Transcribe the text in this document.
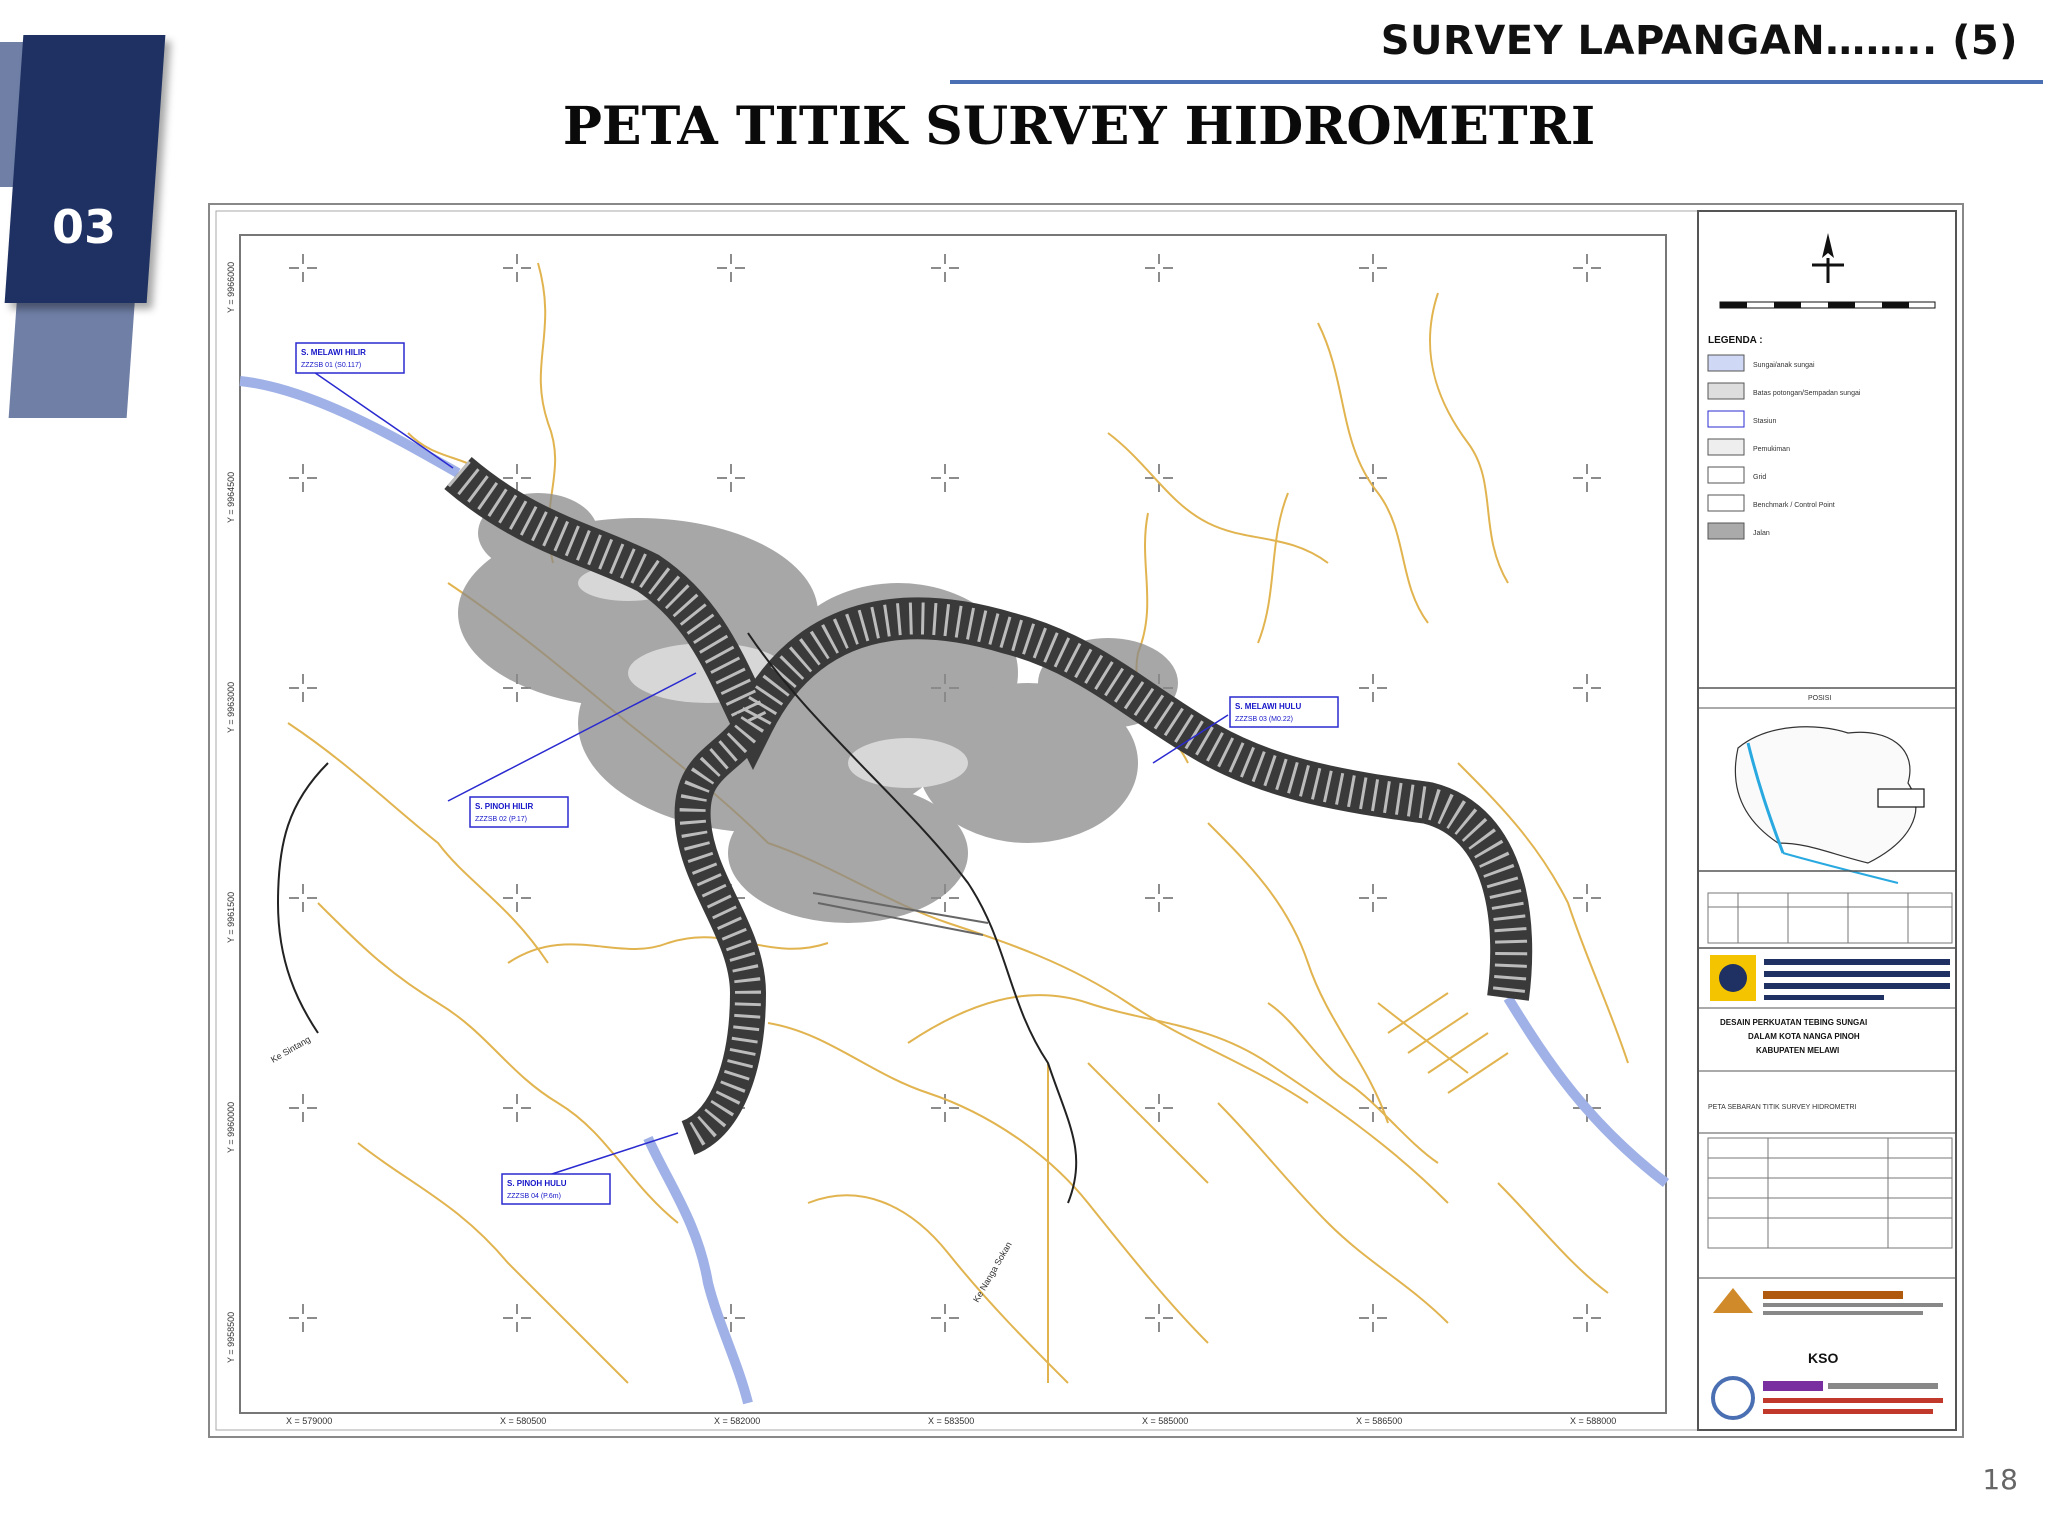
03
SURVEY LAPANGAN…….. (5)
PETA TITIK SURVEY HIDROMETRI
S. MELAWI HILIR
ZZZSB 01 (S0.117)
S. PINOH HILIR
ZZZSB 02 (P.17)
S. MELAWI HULU
ZZZSB 03 (M0.22)
S. PINOH HULU
ZZZSB 04 (P.6m)
Ke Sintang
Ke Nanga Sokan
X = 579000	X = 580500	X = 582000	X = 583500	X = 585000	X = 586500	X = 588000
Y = 9966000
Y = 9964500
Y = 9963000
Y = 9961500
Y = 9960000
Y = 9958500
LEGENDA :
Sungai/anak sungai
Batas potongan/Sempadan sungai
Stasiun
Pemukiman
Grid
Benchmark / Control Point
Jalan
POSISI
DESAIN PERKUATAN TEBING SUNGAI
DALAM KOTA NANGA PINOH
KABUPATEN MELAWI
PETA SEBARAN TITIK SURVEY HIDROMETRI
KSO
18
